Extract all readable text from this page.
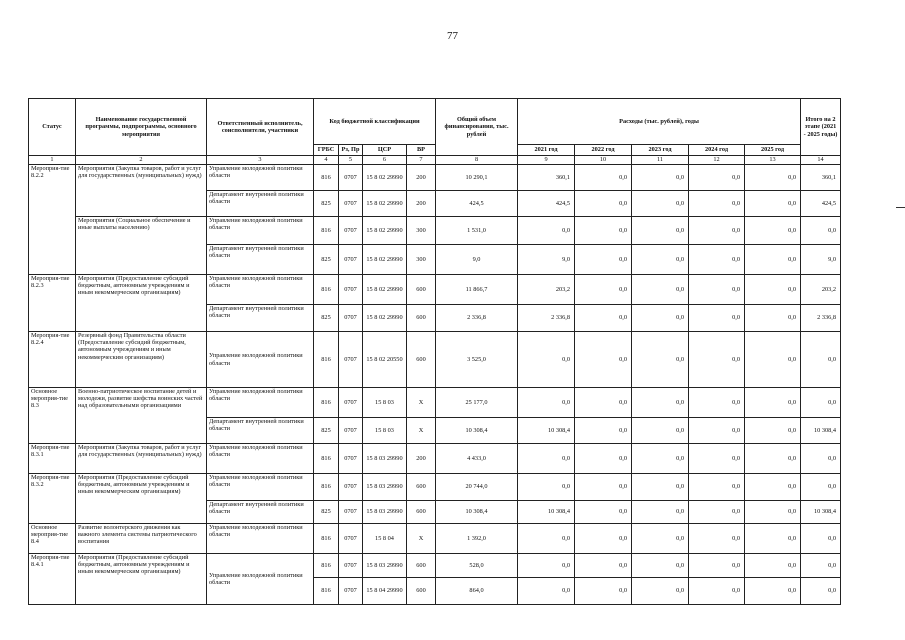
77
Статус	Наименование государственной программы, подпрограммы, основного мероприятия	Ответственный исполнитель, соисполнители, участники	Код бюджетной классификации				Общий объем финансирования, тыс. рублей	Расходы (тыс. рублей), годы					Итого на 2 этапе (2021 - 2025 годы)
			ГРБС	Рз, Пр	ЦСР	ВР		2021 год	2022 год	2023 год	2024 год	2025 год	
1	2	3	4	5	6	7	8	9	10	11	12	13	14
Мероприя-тие 8.2.2	Мероприятия (Закупка товаров, работ и услуг для государственных (муниципальных) нужд)	Управление молодежной политики области	816	0707	15 8 02 29990	200	10 290,1	360,1	0,0	0,0	0,0	0,0	360,1
		Департамент внутренней политики области	825	0707	15 8 02 29990	200	424,5	424,5	0,0	0,0	0,0	0,0	424,5
	Мероприятия (Социальное обеспечение и иные выплаты населению)	Управление молодежной политики области	816	0707	15 8 02 29990	300	1 531,0	0,0	0,0	0,0	0,0	0,0	0,0
		Департамент внутренней политики области	825	0707	15 8 02 29990	300	9,0	9,0	0,0	0,0	0,0	0,0	9,0
Мероприя-тие 8.2.3	Мероприятия (Предоставление субсидий бюджетным, автономным учреждениям и иным некоммерческим организациям)	Управление молодежной политики области	816	0707	15 8 02 29990	600	11 866,7	203,2	0,0	0,0	0,0	0,0	203,2
		Департамент внутренней политики области	825	0707	15 8 02 29990	600	2 336,8	2 336,8	0,0	0,0	0,0	0,0	2 336,8
Мероприя-тие 8.2.4	Резервный фонд Правительства области (Предоставление субсидий бюджетным, автономным учреждениям и иным некоммерческим организациям)	Управление молодежной политики области	816	0707	15 8 02 20550	600	3 525,0	0,0	0,0	0,0	0,0	0,0	0,0
Основное мероприя-тие 8.3	Военно-патриотическое воспитание детей и молодежи, развитие шефства воинских частей над образовательными организациями	Управление молодежной политики области	816	0707	15 8 03	X	25 177,0	0,0	0,0	0,0	0,0	0,0	0,0
		Департамент внутренней политики области	825	0707	15 8 03	X	10 308,4	10 308,4	0,0	0,0	0,0	0,0	10 308,4
Мероприя-тие 8.3.1	Мероприятия (Закупка товаров, работ и услуг для государственных (муниципальных) нужд)	Управление молодежной политики области	816	0707	15 8 03 29990	200	4 433,0	0,0	0,0	0,0	0,0	0,0	0,0
Мероприя-тие 8.3.2	Мероприятия (Предоставление субсидий бюджетным, автономным учреждениям и иным некоммерческим организациям)	Управление молодежной политики области	816	0707	15 8 03 29990	600	20 744,0	0,0	0,0	0,0	0,0	0,0	0,0
		Департамент внутренней политики области	825	0707	15 8 03 29990	600	10 308,4	10 308,4	0,0	0,0	0,0	0,0	10 308,4
Основное мероприя-тие 8.4	Развитие волонтерского движения как важного элемента системы патриотического воспитания	Управление молодежной политики области	816	0707	15 8 04	X	1 392,0	0,0	0,0	0,0	0,0	0,0	0,0
Мероприя-тие 8.4.1	Мероприятия (Предоставление субсидий бюджетным, автономным учреждениям и иным некоммерческим организациям)	Управление молодежной политики области	816	0707	15 8 03 29990	600	528,0	0,0	0,0	0,0	0,0	0,0	0,0
			816	0707	15 8 04 29990	600	864,0	0,0	0,0	0,0	0,0	0,0	0,0
